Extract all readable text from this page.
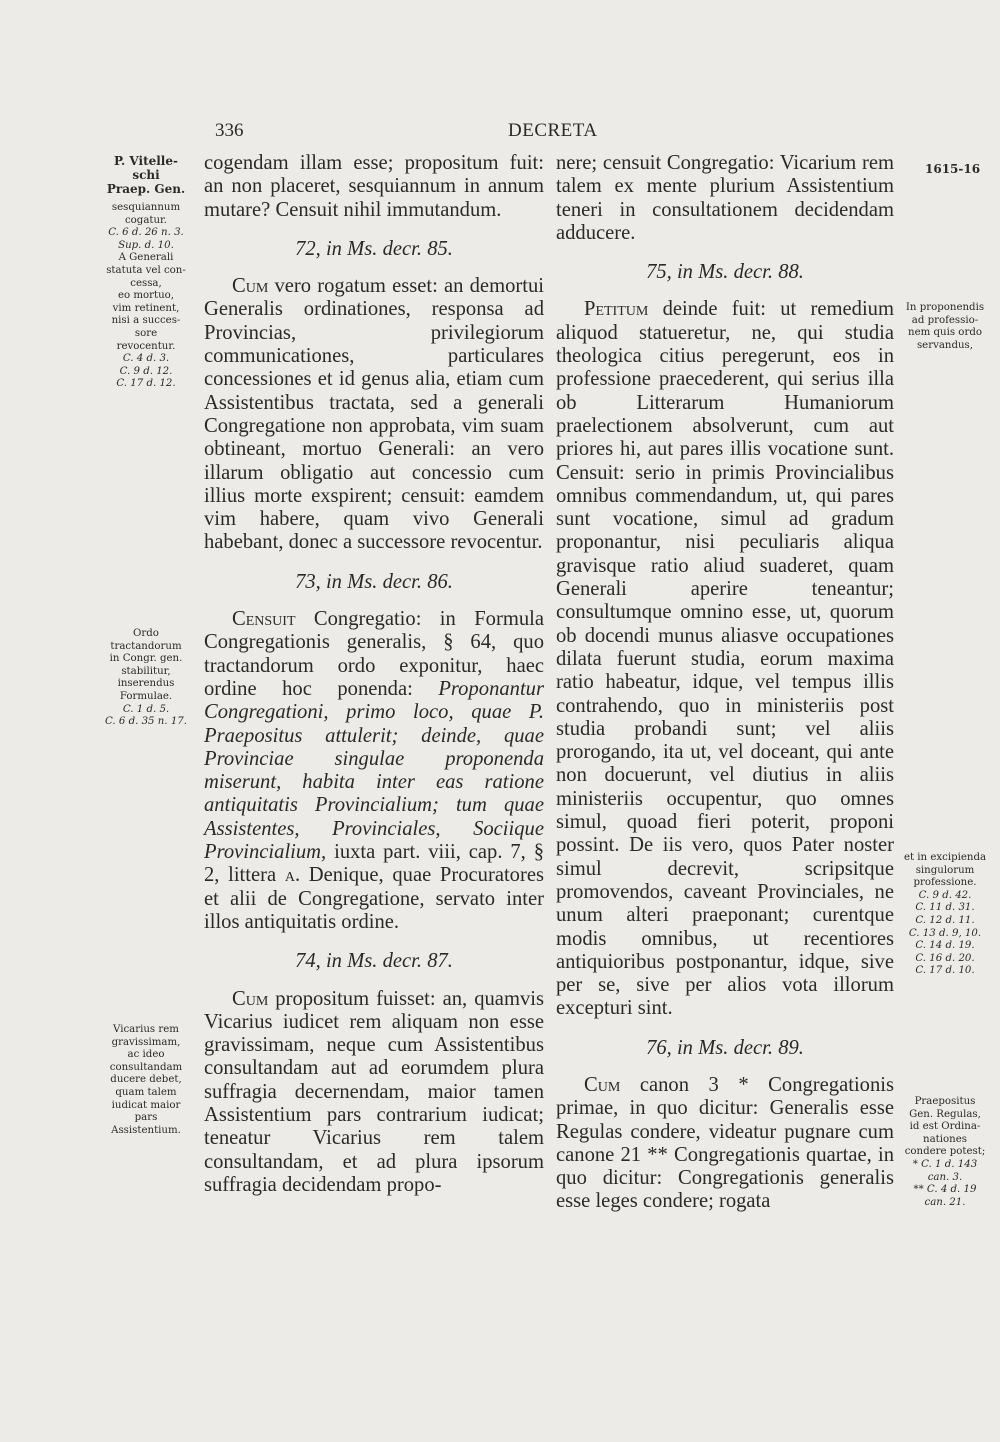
336	DECRETA
P. Vitelle-
schi
Praep. Gen.
sesquiannum
cogatur.
C. 6 d. 26 n. 3.
Sup. d. 10.
A Generali
statuta vel con-
cessa,
eo mortuo,
vim retinent,
nisi a succes-
sore
revocentur.
C. 4 d. 3.
C. 9 d. 12.
C. 17 d. 12.
Ordo
tractandorum
in Congr. gen.
stabilitur,
inserendus
Formulae.
C. 1 d. 5.
C. 6 d. 35 n. 17.
Vicarius rem
gravissimam,
ac ideo
consultandam
ducere debet,
quam talem
iudicat maior
pars
Assistentium.
1615-16
In proponendis
ad professio-
nem quis ordo
servandus,
et in excipienda
singulorum
professione.
C. 9 d. 42.
C. 11 d. 31.
C. 12 d. 11.
C. 13 d. 9, 10.
C. 14 d. 19.
C. 16 d. 20.
C. 17 d. 10.
Praepositus
Gen. Regulas,
id est Ordina-
nationes
condere potest;
* C. 1 d. 143
can. 3.
** C. 4 d. 19
can. 21.

cogendam illam esse; propositum fuit: an non placeret, sesquiannum in annum mutare? Censuit nihil immutandum.

72, in Ms. decr. 85.

Cum vero rogatum esset: an demortui Generalis ordinationes, responsa ad Provincias, privilegiorum communicationes, particulares concessiones et id genus alia, etiam cum Assistentibus tractata, sed a generali Congregatione non approbata, vim suam obtineant, mortuo Generali: an vero illarum obligatio aut concessio cum illius morte exspirent; censuit: eamdem vim habere, quam vivo Generali habebant, donec a successore revocentur.

73, in Ms. decr. 86.

Censuit Congregatio: in Formula Congregationis generalis, § 64, quo tractandorum ordo exponitur, haec ordine hoc ponenda: Proponantur Congregationi, primo loco, quae P. Praepositus attulerit; deinde, quae Provinciae singulae proponenda miserunt, habita inter eas ratione antiquitatis Provincialium; tum quae Assistentes, Provinciales, Sociique Provincialium, iuxta part. viii, cap. 7, § 2, littera a. Denique, quae Procuratores et alii de Congregatione, servato inter illos antiquitatis ordine.

74, in Ms. decr. 87.

Cum propositum fuisset: an, quamvis Vicarius iudicet rem aliquam non esse gravissimam, neque cum Assistentibus consultandam aut ad eorumdem plura suffragia decernendam, maior tamen Assistentium pars contrarium iudicat; teneatur Vicarius rem talem consultandam, et ad plura ipsorum suffragia decidendam propo-

nere; censuit Congregatio: Vicarium rem talem ex mente plurium Assistentium teneri in consultationem decidendam adducere.

75, in Ms. decr. 88.

Petitum deinde fuit: ut remedium aliquod statueretur, ne, qui studia theologica citius peregerunt, eos in professione praecederent, qui serius illa ob Litterarum Humaniorum praelectionem absolverunt, cum aut priores hi, aut pares illis vocatione sunt. Censuit: serio in primis Provincialibus omnibus commendandum, ut, qui pares sunt vocatione, simul ad gradum proponantur, nisi peculiaris aliqua gravisque ratio aliud suaderet, quam Generali aperire teneantur; consultumque omnino esse, ut, quorum ob docendi munus aliasve occupationes dilata fuerunt studia, eorum maxima ratio habeatur, idque, vel tempus illis contrahendo, quo in ministeriis post studia probandi sunt; vel aliis prorogando, ita ut, vel doceant, qui ante non docuerunt, vel diutius in aliis ministeriis occupentur, quo omnes simul, quoad fieri poterit, proponi possint. De iis vero, quos Pater noster simul decrevit, scripsitque promovendos, caveant Provinciales, ne unum alteri praeponant; curentque modis omnibus, ut recentiores antiquioribus postponantur, idque, sive per se, sive per alios vota illorum excepturi sint.

76, in Ms. decr. 89.

Cum canon 3 * Congregationis primae, in quo dicitur: Generalis esse Regulas condere, videatur pugnare cum canone 21 ** Congregationis quartae, in quo dicitur: Congregationis generalis esse leges condere; rogata
